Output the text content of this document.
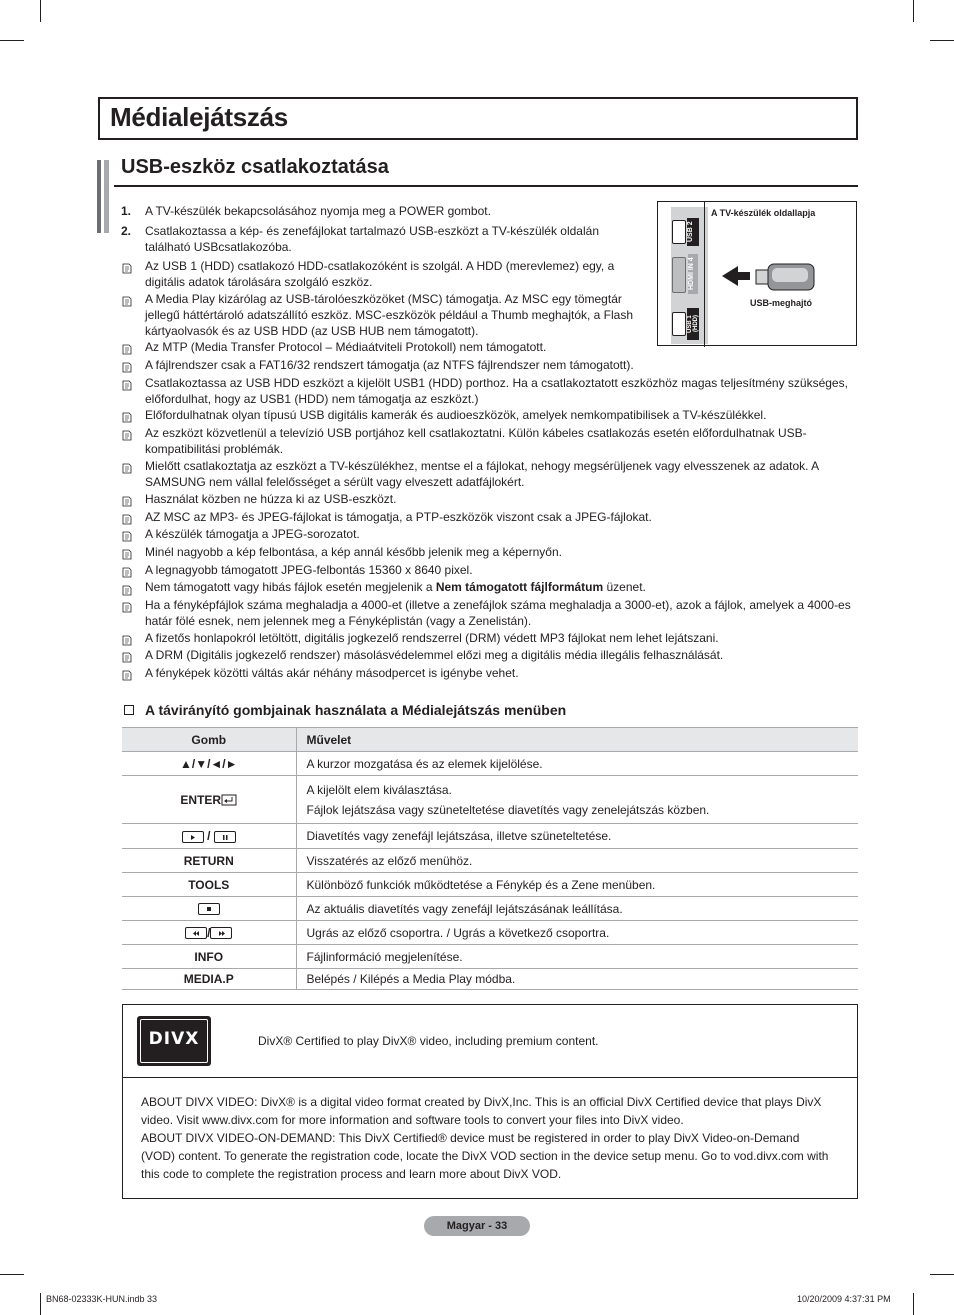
Médialejátszás
USB-eszköz csatlakoztatása
1. A TV-készülék bekapcsolásához nyomja meg a POWER gombot.
2. Csatlakoztassa a kép- és zenefájlokat tartalmazó USB-eszközt a TV-készülék oldalán található USBcsatlakozóba.
Az USB 1 (HDD) csatlakozó HDD-csatlakozóként is szolgál. A HDD (merevlemez) egy, a digitális adatok tárolására szolgáló eszköz.
A Media Play kizárólag az USB-tárolóeszközöket (MSC) támogatja. Az MSC egy tömegtár jellegű háttértároló adatszállító eszköz. MSC-eszközök például a Thumb meghajtók, a Flash kártyaolvasók és az USB HDD (az USB HUB nem támogatott).
Az MTP (Media Transfer Protocol – Médiaátviteli Protokoll) nem támogatott.
A fájlrendszer csak a FAT16/32 rendszert támogatja (az NTFS fájlrendszer nem támogatott).
Csatlakoztassa az USB HDD eszközt a kijelölt USB1 (HDD) porthoz. Ha a csatlakoztatott eszközhöz magas teljesítmény szükséges, előfordulhat, hogy az USB1 (HDD) nem támogatja az eszközt.)
Előfordulhatnak olyan típusú USB digitális kamerák és audioeszközök, amelyek nemkompatibilisek a TV-készülékkel.
Az eszközt közvetlenül a televízió USB portjához kell csatlakoztatni. Külön kábeles csatlakozás esetén előfordulhatnak USB-kompatibilitási problémák.
Mielőtt csatlakoztatja az eszközt a TV-készülékhez, mentse el a fájlokat, nehogy megsérüljenek vagy elvesszenek az adatok. A SAMSUNG nem vállal felelősséget a sérült vagy elveszett adatfájlokért.
Használat közben ne húzza ki az USB-eszközt.
AZ MSC az MP3- és JPEG-fájlokat is támogatja, a PTP-eszközök viszont csak a JPEG-fájlokat.
A készülék támogatja a JPEG-sorozatot.
Minél nagyobb a kép felbontása, a kép annál később jelenik meg a képernyőn.
A legnagyobb támogatott JPEG-felbontás 15360 x 8640 pixel.
Ha a fényképfájlok száma meghaladja a 4000-et (illetve a zenefájlok száma meghaladja a 3000-et), azok a fájlok, amelyek a 4000-es határ fölé esnek, nem jelennek meg a Fényképlistán (vagy a Zenelistán).
A fizetős honlapokról letöltött, digitális jogkezelő rendszerrel (DRM) védett MP3 fájlokat nem lehet lejátszani.
A DRM (Digitális jogkezelő rendszer) másolásvédelemmel előzi meg a digitális média illegális felhasználását.
A fényképek közötti váltás akár néhány másodpercet is igénybe vehet.
Nem támogatott vagy hibás fájlok esetén megjelenik a Nem támogatott fájlformátum üzenet.
USB 2
HDMI IN 4
USB 1 (HDD)
A TV-készülék oldallapja
USB-meghajtó
A távirányító gombjainak használata a Médialejátszás menüben
Gomb	Művelet
▲/▼/◄/►	A kurzor mozgatása és az elemek kijelölése.
ENTER	A kijelölt elem kiválasztása.
Fájlok lejátszása vagy szüneteltetése diavetítés vagy zenelejátszás közben.

/	Diavetítés vagy zenefájl lejátszása, illetve szüneteltetése.
RETURN	Visszatérés az előző menühöz.
TOOLS	Különböző funkciók működtetése a Fénykép és a Zene menüben.

	Az aktuális diavetítés vagy zenefájl lejátszásának leállítása.

/	Ugrás az előző csoportra. / Ugrás a következő csoportra.
INFO	Fájlinformáció megjelenítése.
MEDIA.P	Belépés / Kilépés a Media Play módba.
DIVX	DivX® Certified to play DivX® video, including premium content.
ABOUT DIVX VIDEO: DivX® is a digital video format created by DivX,Inc. This is an official DivX Certified device that plays DivX video. Visit www.divx.com for more information and software tools to convert your files into DivX video.
ABOUT DIVX VIDEO-ON-DEMAND: This DivX Certified® device must be registered in order to play DivX Video-on-Demand (VOD) content. To generate the registration code, locate the DivX VOD section in the device setup menu. Go to vod.divx.com with this code to complete the registration process and learn more about DivX VOD.
Magyar - 33
BN68-02333K-HUN.indb 33	10/20/2009 4:37:31 PM
